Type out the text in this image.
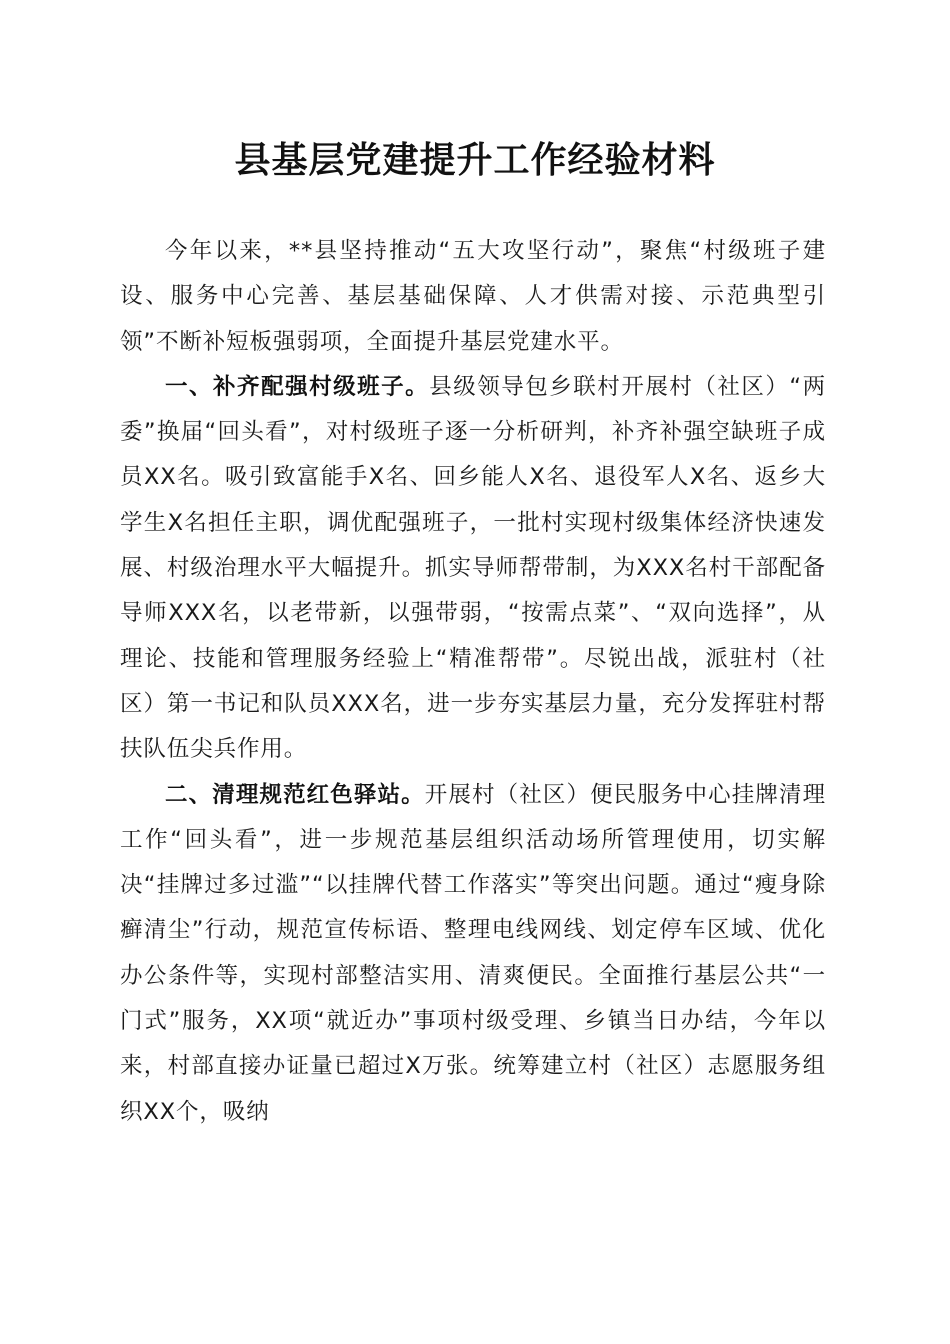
县基层党建提升工作经验材料

今年以来，**县坚持推动“五大攻坚行动”，聚焦“村级班子建设、服务中心完善、基层基础保障、人才供需对接、示范典型引领”不断补短板强弱项，全面提升基层党建水平。

一、补齐配强村级班子。县级领导包乡联村开展村（社区）“两委”换届“回头看”，对村级班子逐一分析研判，补齐补强空缺班子成员XX名。吸引致富能手X名、回乡能人X名、退役军人X名、返乡大学生X名担任主职，调优配强班子，一批村实现村级集体经济快速发展、村级治理水平大幅提升。抓实导师帮带制，为XXX名村干部配备导师XXX名，以老带新，以强带弱，“按需点菜”、“双向选择”，从理论、技能和管理服务经验上“精准帮带”。尽锐出战，派驻村（社区）第一书记和队员XXX名，进一步夯实基层力量，充分发挥驻村帮扶队伍尖兵作用。

二、清理规范红色驿站。开展村（社区）便民服务中心挂牌清理工作“回头看”，进一步规范基层组织活动场所管理使用，切实解决“挂牌过多过滥”“以挂牌代替工作落实”等突出问题。通过“瘦身除癣清尘”行动，规范宣传标语、整理电线网线、划定停车区域、优化办公条件等，实现村部整洁实用、清爽便民。全面推行基层公共“一门式”服务，XX项“就近办”事项村级受理、乡镇当日办结，今年以来，村部直接办证量已超过X万张。统筹建立村（社区）志愿服务组织XX个，吸纳
